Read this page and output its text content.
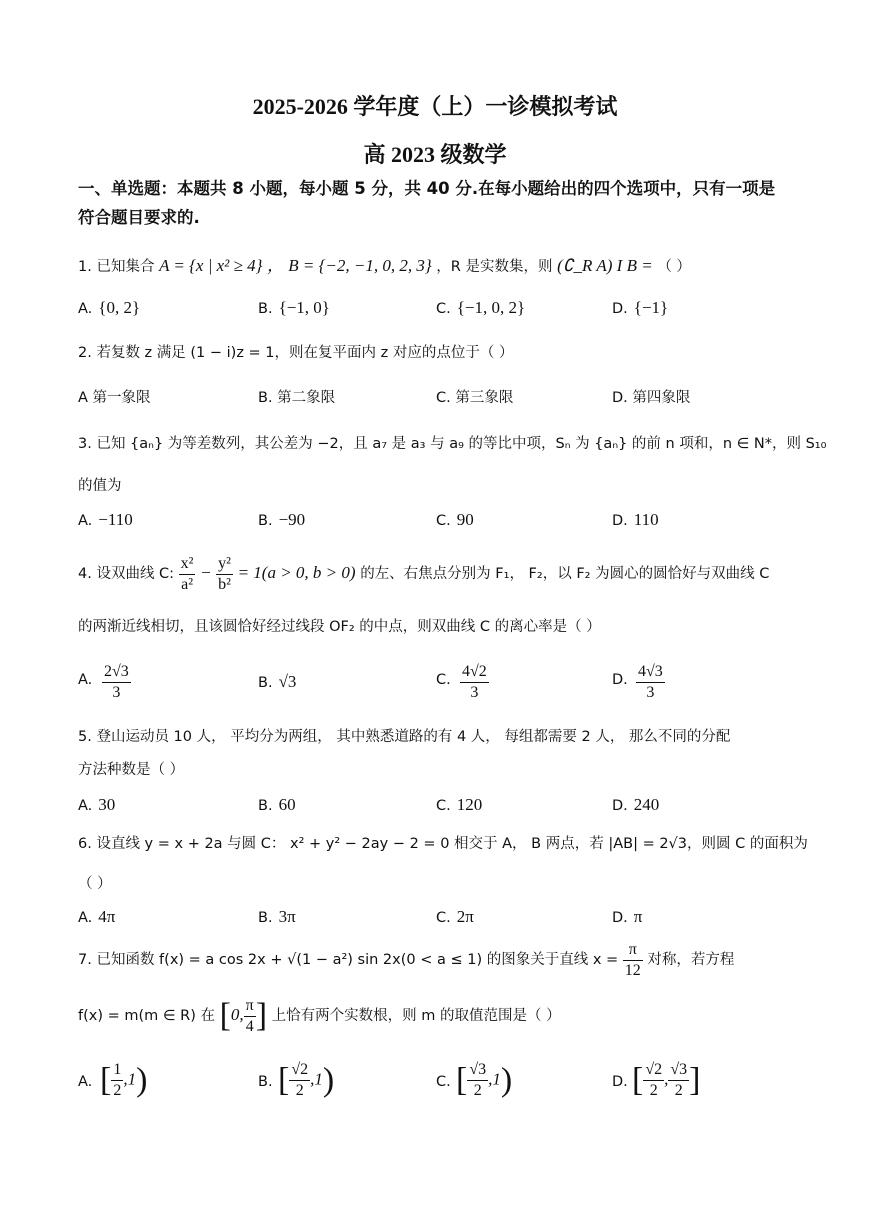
2025-2026 学年度（上）一诊模拟考试
高 2023 级数学
一、单选题：本题共 8 小题，每小题 5 分，共 40 分.在每小题给出的四个选项中，只有一项是
符合题目要求的.
1. 已知集合 A = {x | x² ≥ 4} ， B = {−2, −1, 0, 2, 3} ，R 是实数集，则 (∁_R A) I B = （ ）
A. {0, 2}	B. {−1, 0}	C. {−1, 0, 2}	D. {−1}
2. 若复数 z 满足 (1 − i)z = 1，则在复平面内 z 对应的点位于（ ）
A 第一象限	B. 第二象限	C. 第三象限	D. 第四象限
3. 已知 {aₙ} 为等差数列，其公差为 −2，且 a₇ 是 a₃ 与 a₉ 的等比中项，Sₙ 为 {aₙ} 的前 n 项和，n ∈ N*，则 S₁₀
的值为
A. −110	B. −90	C. 90	D. 110
4. 设双曲线 C: $\frac{\text{x²}}{\text{a²}} - \frac{\text{y²}}{\text{b²}} = 1(a > 0$, b > 0) 的左、右焦点分别为 F₁， F₂，以 F₂ 为圆心的圆恰好与双曲线 C
的两渐近线相切，且该圆恰好经过线段 OF₂ 的中点，则双曲线 C 的离心率是（ ）
A. $\frac{2√3}{3}$	B. √3	C. $\frac{4√2}{3}$	D. $\frac{4√3}{3}$
5. 登山运动员 10 人， 平均分为两组， 其中熟悉道路的有 4 人， 每组都需要 2 人， 那么不同的分配
方法种数是（ ）
A. 30	B. 60	C. 120	D. 240
6. 设直线 y = x + 2a 与圆 C： x² + y² − 2ay − 2 = 0 相交于 A， B 两点，若 |AB| = 2√3，则圆 C 的面积为
（ ）
A. 4π	B. 3π	C. 2π	D. π
7. 已知函数 f(x) = a cos 2x + √(1 − a²) sin 2x(0 < a ≤ 1) 的图象关于直线 $x = \frac{\pi}{12}$ 对称，若方程
f(x) = m(m ∈ R) 在 [0, $\frac{\pi}{4}$ ] 上恰有两个实数根，则 m 的取值范围是（ ）
A. [ $\frac{1}{2} ,1$)	B. [ $\frac{√2}{2} ,1$)	C. [ $\frac{√3}{2} ,1$)	D. [ $\frac{√2}{2}$ , $\frac{√3}{2}$ ]
